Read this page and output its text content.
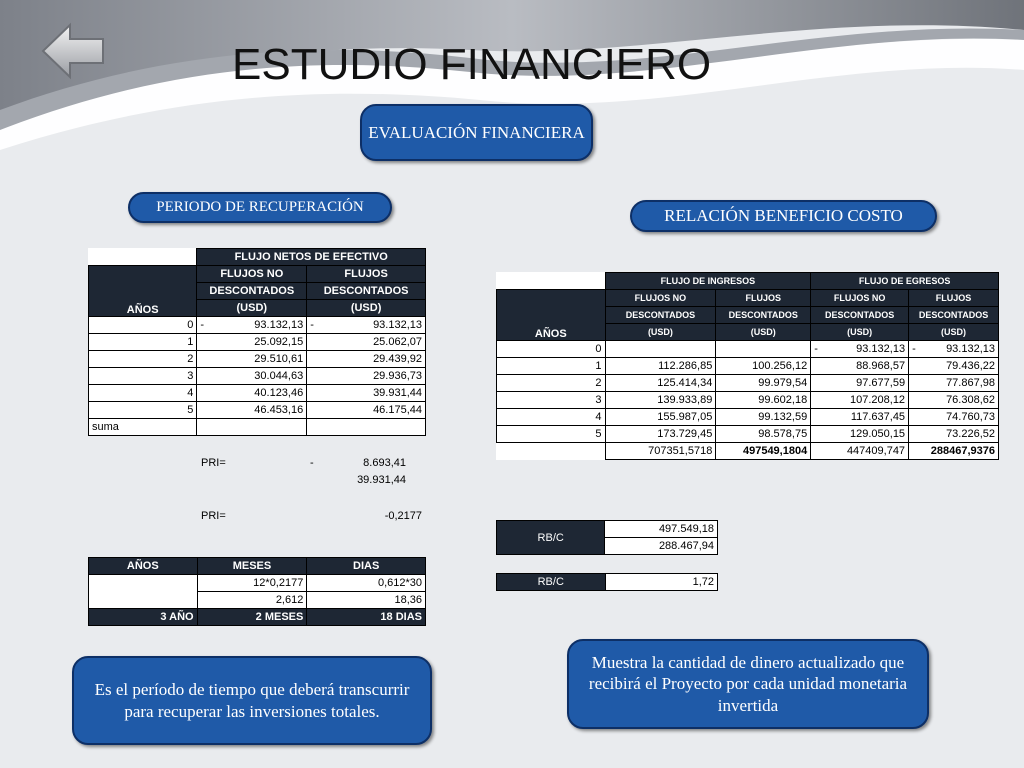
ESTUDIO FINANCIERO
EVALUACIÓN FINANCIERA
PERIODO DE RECUPERACIÓN	RELACIÓN BENEFICIO COSTO
	FLUJO NETOS DE EFECTIVO	
AÑOS	FLUJOS NO	FLUJOS
	DESCONTADOS	DESCONTADOS
	(USD)	(USD)
0	- 93.132,13	- 93.132,13
1	25.092,15	25.062,07
2	29.510,61	29.439,92
3	30.044,63	29.936,73
4	40.123,46	39.931,44
5	46.453,16	46.175,44
suma		
PRI=	-	8.693,41
39.931,44
PRI=	-0,2177
AÑOS	MESES	DIAS
	12*0,2177	0,612*30
	2,612	18,36
3 AÑO	2 MESES	18 DIAS
	FLUJO DE INGRESOS		FLUJO DE EGRESOS	
AÑOS	FLUJOS NO	FLUJOS	FLUJOS NO	FLUJOS
	DESCONTADOS	DESCONTADOS	DESCONTADOS	DESCONTADOS
	(USD)	(USD)	(USD)	(USD)
0			- 93.132,13	- 93.132,13
1	112.286,85	100.256,12	88.968,57	79.436,22
2	125.414,34	99.979,54	97.677,59	77.867,98
3	139.933,89	99.602,18	107.208,12	76.308,62
4	155.987,05	99.132,59	117.637,45	74.760,73
5	173.729,45	98.578,75	129.050,15	73.226,52
	707351,5718	497549,1804	447409,747	288467,9376
RB/C	497.549,18
288.467,94
RB/C	1,72
Es el período de tiempo que deberá transcurrir para recuperar las inversiones totales.
Muestra la cantidad de dinero actualizado que recibirá el Proyecto por cada unidad monetaria invertida
